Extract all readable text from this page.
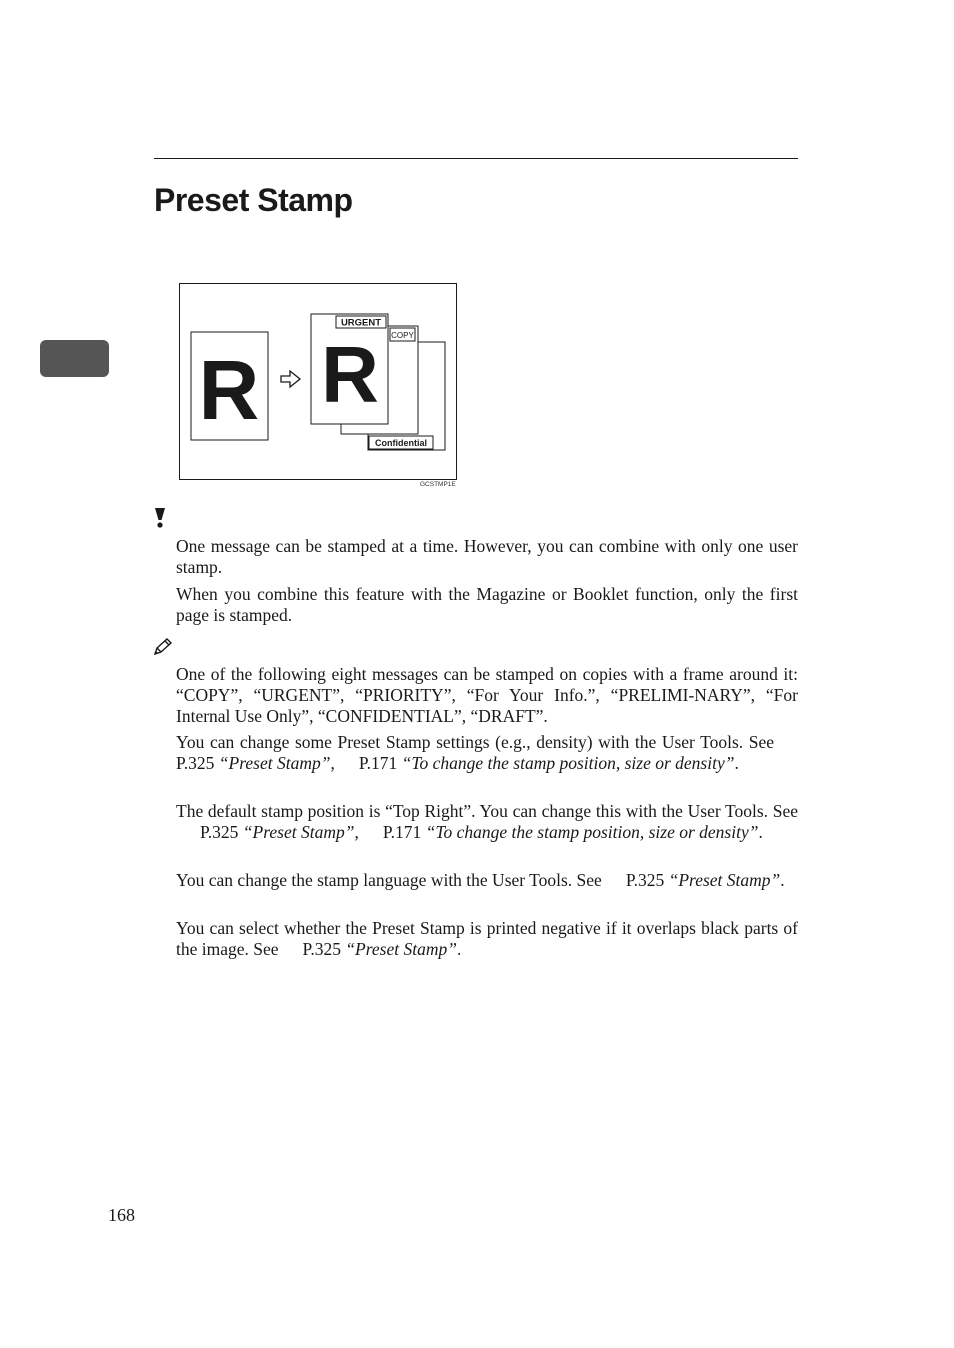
Preset Stamp
R R
URGENT
COPY
Confidential
GCSTMP1E

One message can be stamped at a time. However, you can combine with only one user stamp.

When you combine this feature with the Magazine or Booklet function, only the first page is stamped.

One of the following eight messages can be stamped on copies with a frame around it: “COPY”, “URGENT”, “PRIORITY”, “For Your Info.”, “PRELIMI-NARY”, “For Internal Use Only”, “CONFIDENTIAL”, “DRAFT”.

You can change some Preset Stamp settings (e.g., density) with the User Tools. SeeP.325 “Preset Stamp”, P.171 “To change the stamp position, size or density”.

The default stamp position is “Top Right”. You can change this with the User Tools. SeeP.325 “Preset Stamp”, P.171 “To change the stamp position, size or density”.

You can change the stamp language with the User Tools. See P.325 “Preset Stamp”.

You can select whether the Preset Stamp is printed negative if it overlaps black parts of the image. See P.325 “Preset Stamp”.

168
